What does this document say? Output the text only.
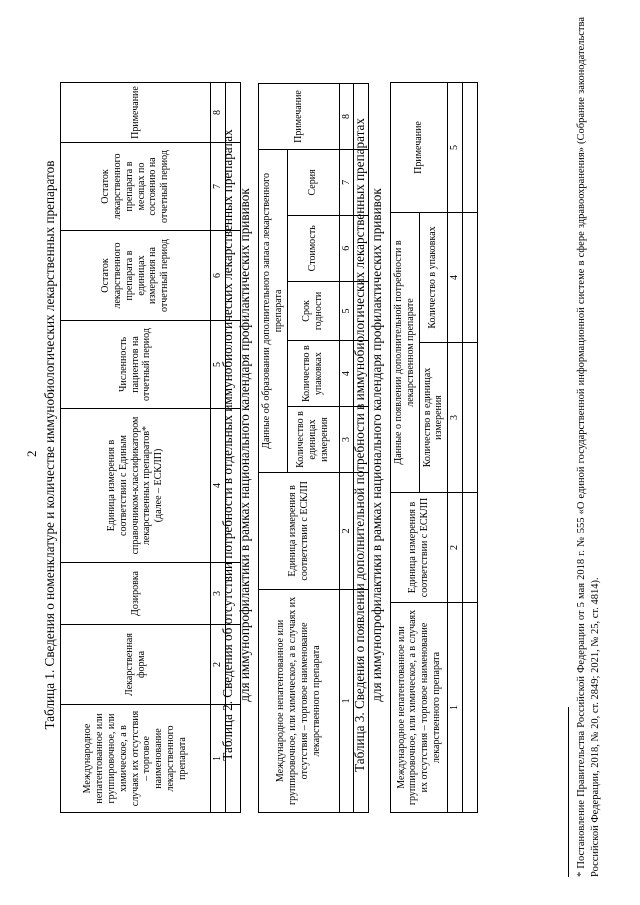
2 Таблица 1. Сведения о номенклатуре и количестве иммунобиологических лекарственных препаратов
Международное непатентованное или группировочное, или химическое, а в случаях их отсутствия – торговое наименование лекарственного препарата	Лекарственная форма	Дозировка	Единица измерения в соответствии с Единым справочником-классификатором лекарственных препаратов* (далее – ЕСКЛП)	Численность пациентов на отчетный период	Остаток лекарственного препарата в единицах измерения на отчетный период	Остаток лекарственного препарата в месяцах по состоянию на отчетный период	Примечание
1	2	3	4	5	6	7	8

Таблица 2. Сведения об отсутствии потребности в отдельных иммунобиологических лекарственных препаратах для иммунопрофилактики в рамках национального календаря профилактических прививок Международное непатентованное или группировочное, или химическое, а в случаях их отсутствия – торговое наименование лекарственного препарата	Единица измерения в соответствии с ЕСКЛП	Данные об образовании дополнительного запаса лекарственного препарата					Примечание
		Количество в единицах измерения	Количество в упаковках	Срок годности	Стоимость	Серия	
1	2	3	4	5	6	7	8

Таблица 3. Сведения о появлении дополнительной потребности в иммунобиологических лекарственных препаратах для иммунопрофилактики в рамках национального календаря профилактических прививок
Международное непатентованное или группировочное, или химическое, а в случаях их отсутствия – торговое наименование лекарственного препарата	Единица измерения в соответствии с ЕСКЛП	Данные о появлении дополнительной потребности в лекарственном препарате		Примечание
		Количество в единицах измерения	Количество в упаковках	
1	2	3	4	5
					* Постановление Правительства Российской Федерации от 5 мая 2018 г. № 555 «О единой государственной информационной системе в сфере здравоохранения» (Собрание законодательства Российской Федерации, 2018, № 20, ст. 2849; 2021, № 25, ст. 4814).
